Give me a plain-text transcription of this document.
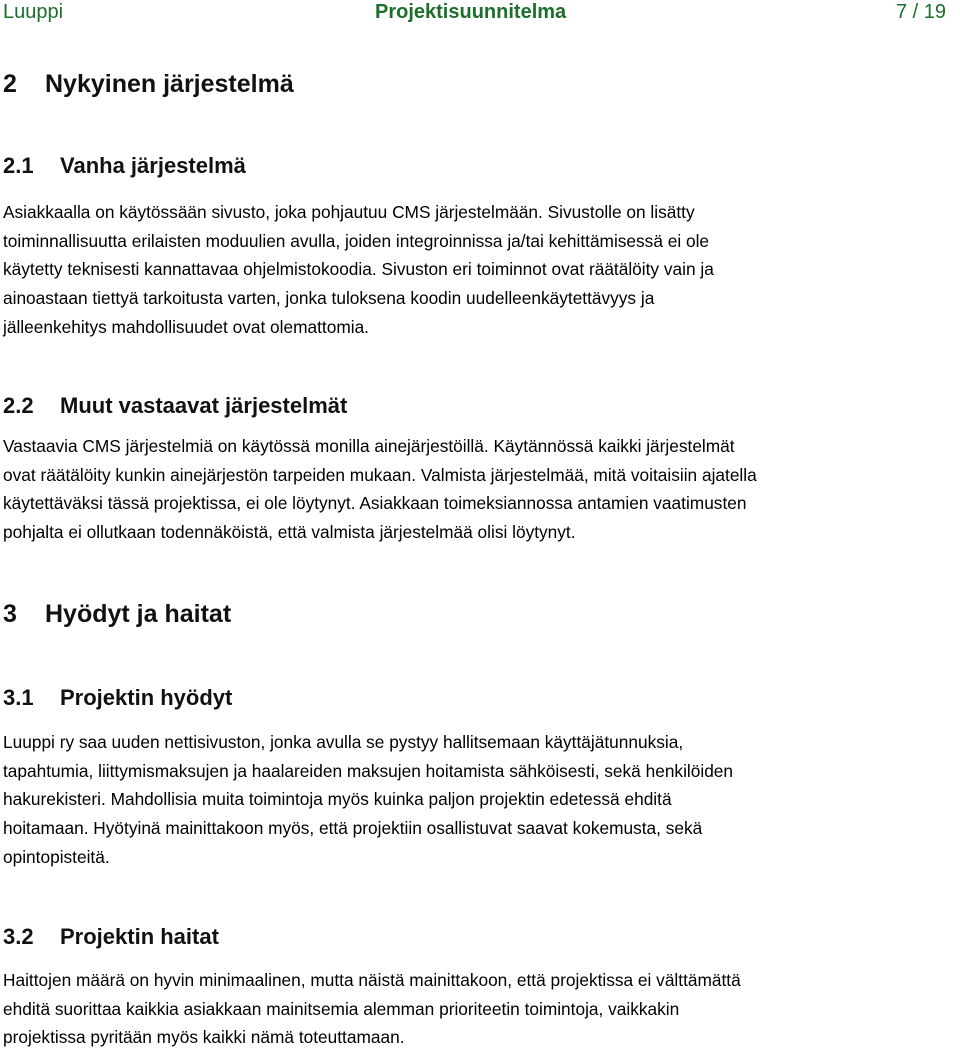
Luuppi	Projektisuunnitelma	7 / 19
2 Nykyinen järjestelmä
2.1 Vanha järjestelmä
Asiakkaalla on käytössään sivusto, joka pohjautuu CMS järjestelmään. Sivustolle on lisätty
toiminnallisuutta erilaisten moduulien avulla, joiden integroinnissa ja/tai kehittämisessä ei ole
käytetty teknisesti kannattavaa ohjelmistokoodia. Sivuston eri toiminnot ovat räätälöity vain ja
ainoastaan tiettyä tarkoitusta varten, jonka tuloksena koodin uudelleenkäytettävyys ja
jälleenkehitys mahdollisuudet ovat olemattomia.
2.2 Muut vastaavat järjestelmät
Vastaavia CMS järjestelmiä on käytössä monilla ainejärjestöillä. Käytännössä kaikki järjestelmät
ovat räätälöity kunkin ainejärjestön tarpeiden mukaan. Valmista järjestelmää, mitä voitaisiin ajatella
käytettäväksi tässä projektissa, ei ole löytynyt. Asiakkaan toimeksiannossa antamien vaatimusten
pohjalta ei ollutkaan todennäköistä, että valmista järjestelmää olisi löytynyt.
3 Hyödyt ja haitat
3.1 Projektin hyödyt
Luuppi ry saa uuden nettisivuston, jonka avulla se pystyy hallitsemaan käyttäjätunnuksia,
tapahtumia, liittymismaksujen ja haalareiden maksujen hoitamista sähköisesti, sekä henkilöiden
hakurekisteri. Mahdollisia muita toimintoja myös kuinka paljon projektin edetessä ehditä
hoitamaan. Hyötyinä mainittakoon myös, että projektiin osallistuvat saavat kokemusta, sekä
opintopisteitä.
3.2 Projektin haitat
Haittojen määrä on hyvin minimaalinen, mutta näistä mainittakoon, että projektissa ei välttämättä
ehditä suorittaa kaikkia asiakkaan mainitsemia alemman prioriteetin toimintoja, vaikkakin
projektissa pyritään myös kaikki nämä toteuttamaan.
